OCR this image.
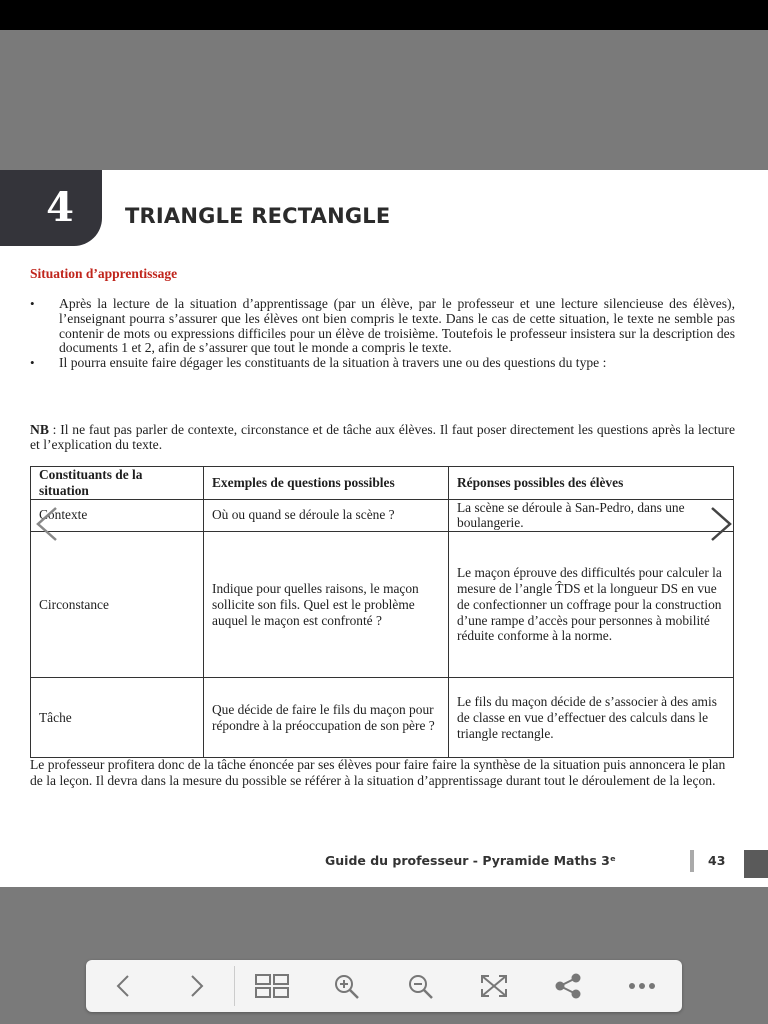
4	TRIANGLE RECTANGLE
Situation d’apprentissage
• Après la lecture de la situation d’apprentissage (par un élève, par le professeur et une lecture silencieuse des élèves), l’enseignant pourra s’assurer que les élèves ont bien compris le texte. Dans le cas de cette situation, le texte ne semble pas contenir de mots ou expressions difficiles pour un élève de troisième. Toutefois le professeur insistera sur la description des documents 1 et 2, afin de s’assurer que tout le monde a compris le texte.
• Il pourra ensuite faire dégager les constituants de la situation à travers une ou des questions du type :

NB : Il ne faut pas parler de contexte, circonstance et de tâche aux élèves. Il faut poser directement les questions après la lecture et l’explication du texte.

Constituants de la situation	Exemples de questions possibles	Réponses possibles des élèves
Contexte	Où ou quand se déroule la scène ?	La scène se déroule à San-Pedro, dans une boulangerie.
Circonstance	Indique pour quelles raisons, le maçon sollicite son fils. Quel est le problème auquel le maçon est confronté ?	Le maçon éprouve des difficultés pour calculer la mesure de l’angle T̂DS et la longueur DS en vue de confectionner un coffrage pour la construction d’une rampe d’accès pour personnes à mobilité réduite conforme à la norme.
Tâche	Que décide de faire le fils du maçon pour répondre à la préoccupation de son père ?	Le fils du maçon décide de s’associer à des amis de classe en vue d’effectuer des calculs dans le triangle rectangle.

Le professeur profitera donc de la tâche énoncée par ses élèves pour faire faire la synthèse de la situation puis annoncera le plan de la leçon. Il devra dans la mesure du possible se référer à la situation d’apprentissage durant tout le déroulement de la leçon.

Guide du professeur - Pyramide Maths 3ᵉ	43
